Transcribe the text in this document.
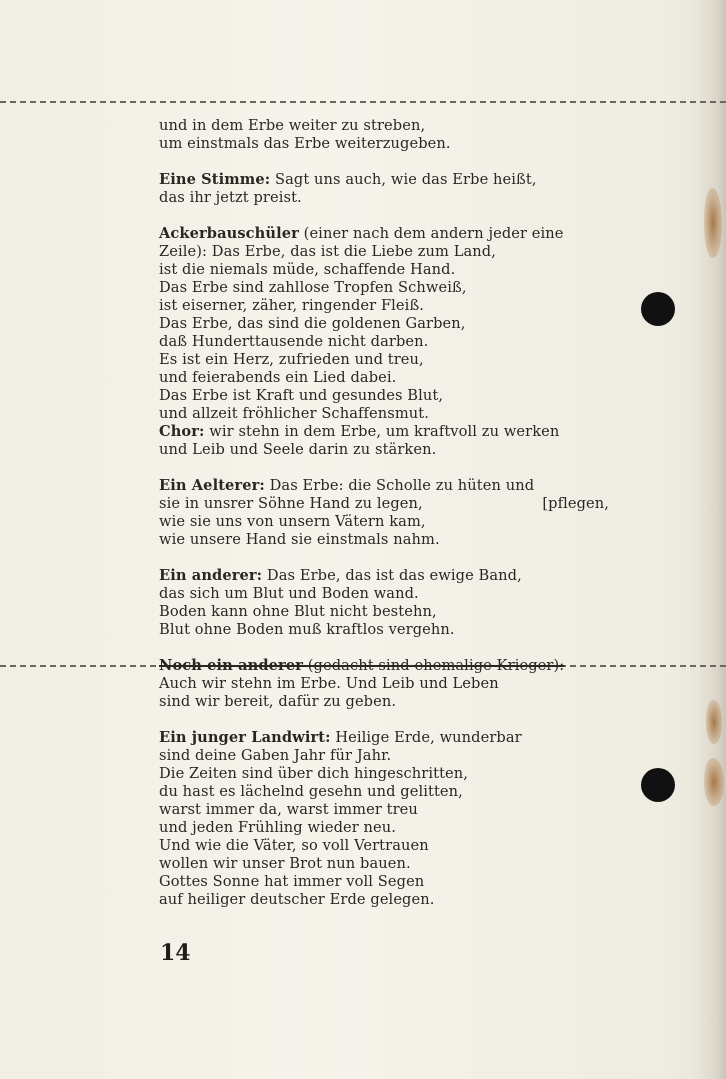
und in dem Erbe weiter zu streben,
um einstmals das Erbe weiterzugeben.
Eine Stimme: Sagt uns auch, wie das Erbe heißt,
das ihr jetzt preist.
Ackerbauschüler (einer nach dem andern jeder eine
Zeile): Das Erbe, das ist die Liebe zum Land,
ist die niemals müde, schaffende Hand.
Das Erbe sind zahllose Tropfen Schweiß,
ist eiserner, zäher, ringender Fleiß.
Das Erbe, das sind die goldenen Garben,
daß Hunderttausende nicht darben.
Es ist ein Herz, zufrieden und treu,
und feierabends ein Lied dabei.
Das Erbe ist Kraft und gesundes Blut,
und allzeit fröhlicher Schaffensmut.
Chor: wir stehn in dem Erbe, um kraftvoll zu werken
und Leib und Seele darin zu stärken.
Ein Aelterer: Das Erbe: die Scholle zu hüten und
sie in unsrer Söhne Hand zu legen,	[pflegen,
wie sie uns von unsern Vätern kam,
wie unsere Hand sie einstmals nahm.
Ein anderer: Das Erbe, das ist das ewige Band,
das sich um Blut und Boden wand.
Boden kann ohne Blut nicht bestehn,
Blut ohne Boden muß kraftlos vergehn.
Noch ein anderer (gedacht sind ehemalige Krieger):
Auch wir stehn im Erbe. Und Leib und Leben
sind wir bereit, dafür zu geben.
Ein junger Landwirt: Heilige Erde, wunderbar
sind deine Gaben Jahr für Jahr.
Die Zeiten sind über dich hingeschritten,
du hast es lächelnd gesehn und gelitten,
warst immer da, warst immer treu
und jeden Frühling wieder neu.
Und wie die Väter, so voll Vertrauen
wollen wir unser Brot nun bauen.
Gottes Sonne hat immer voll Segen
auf heiliger deutscher Erde gelegen.
14
